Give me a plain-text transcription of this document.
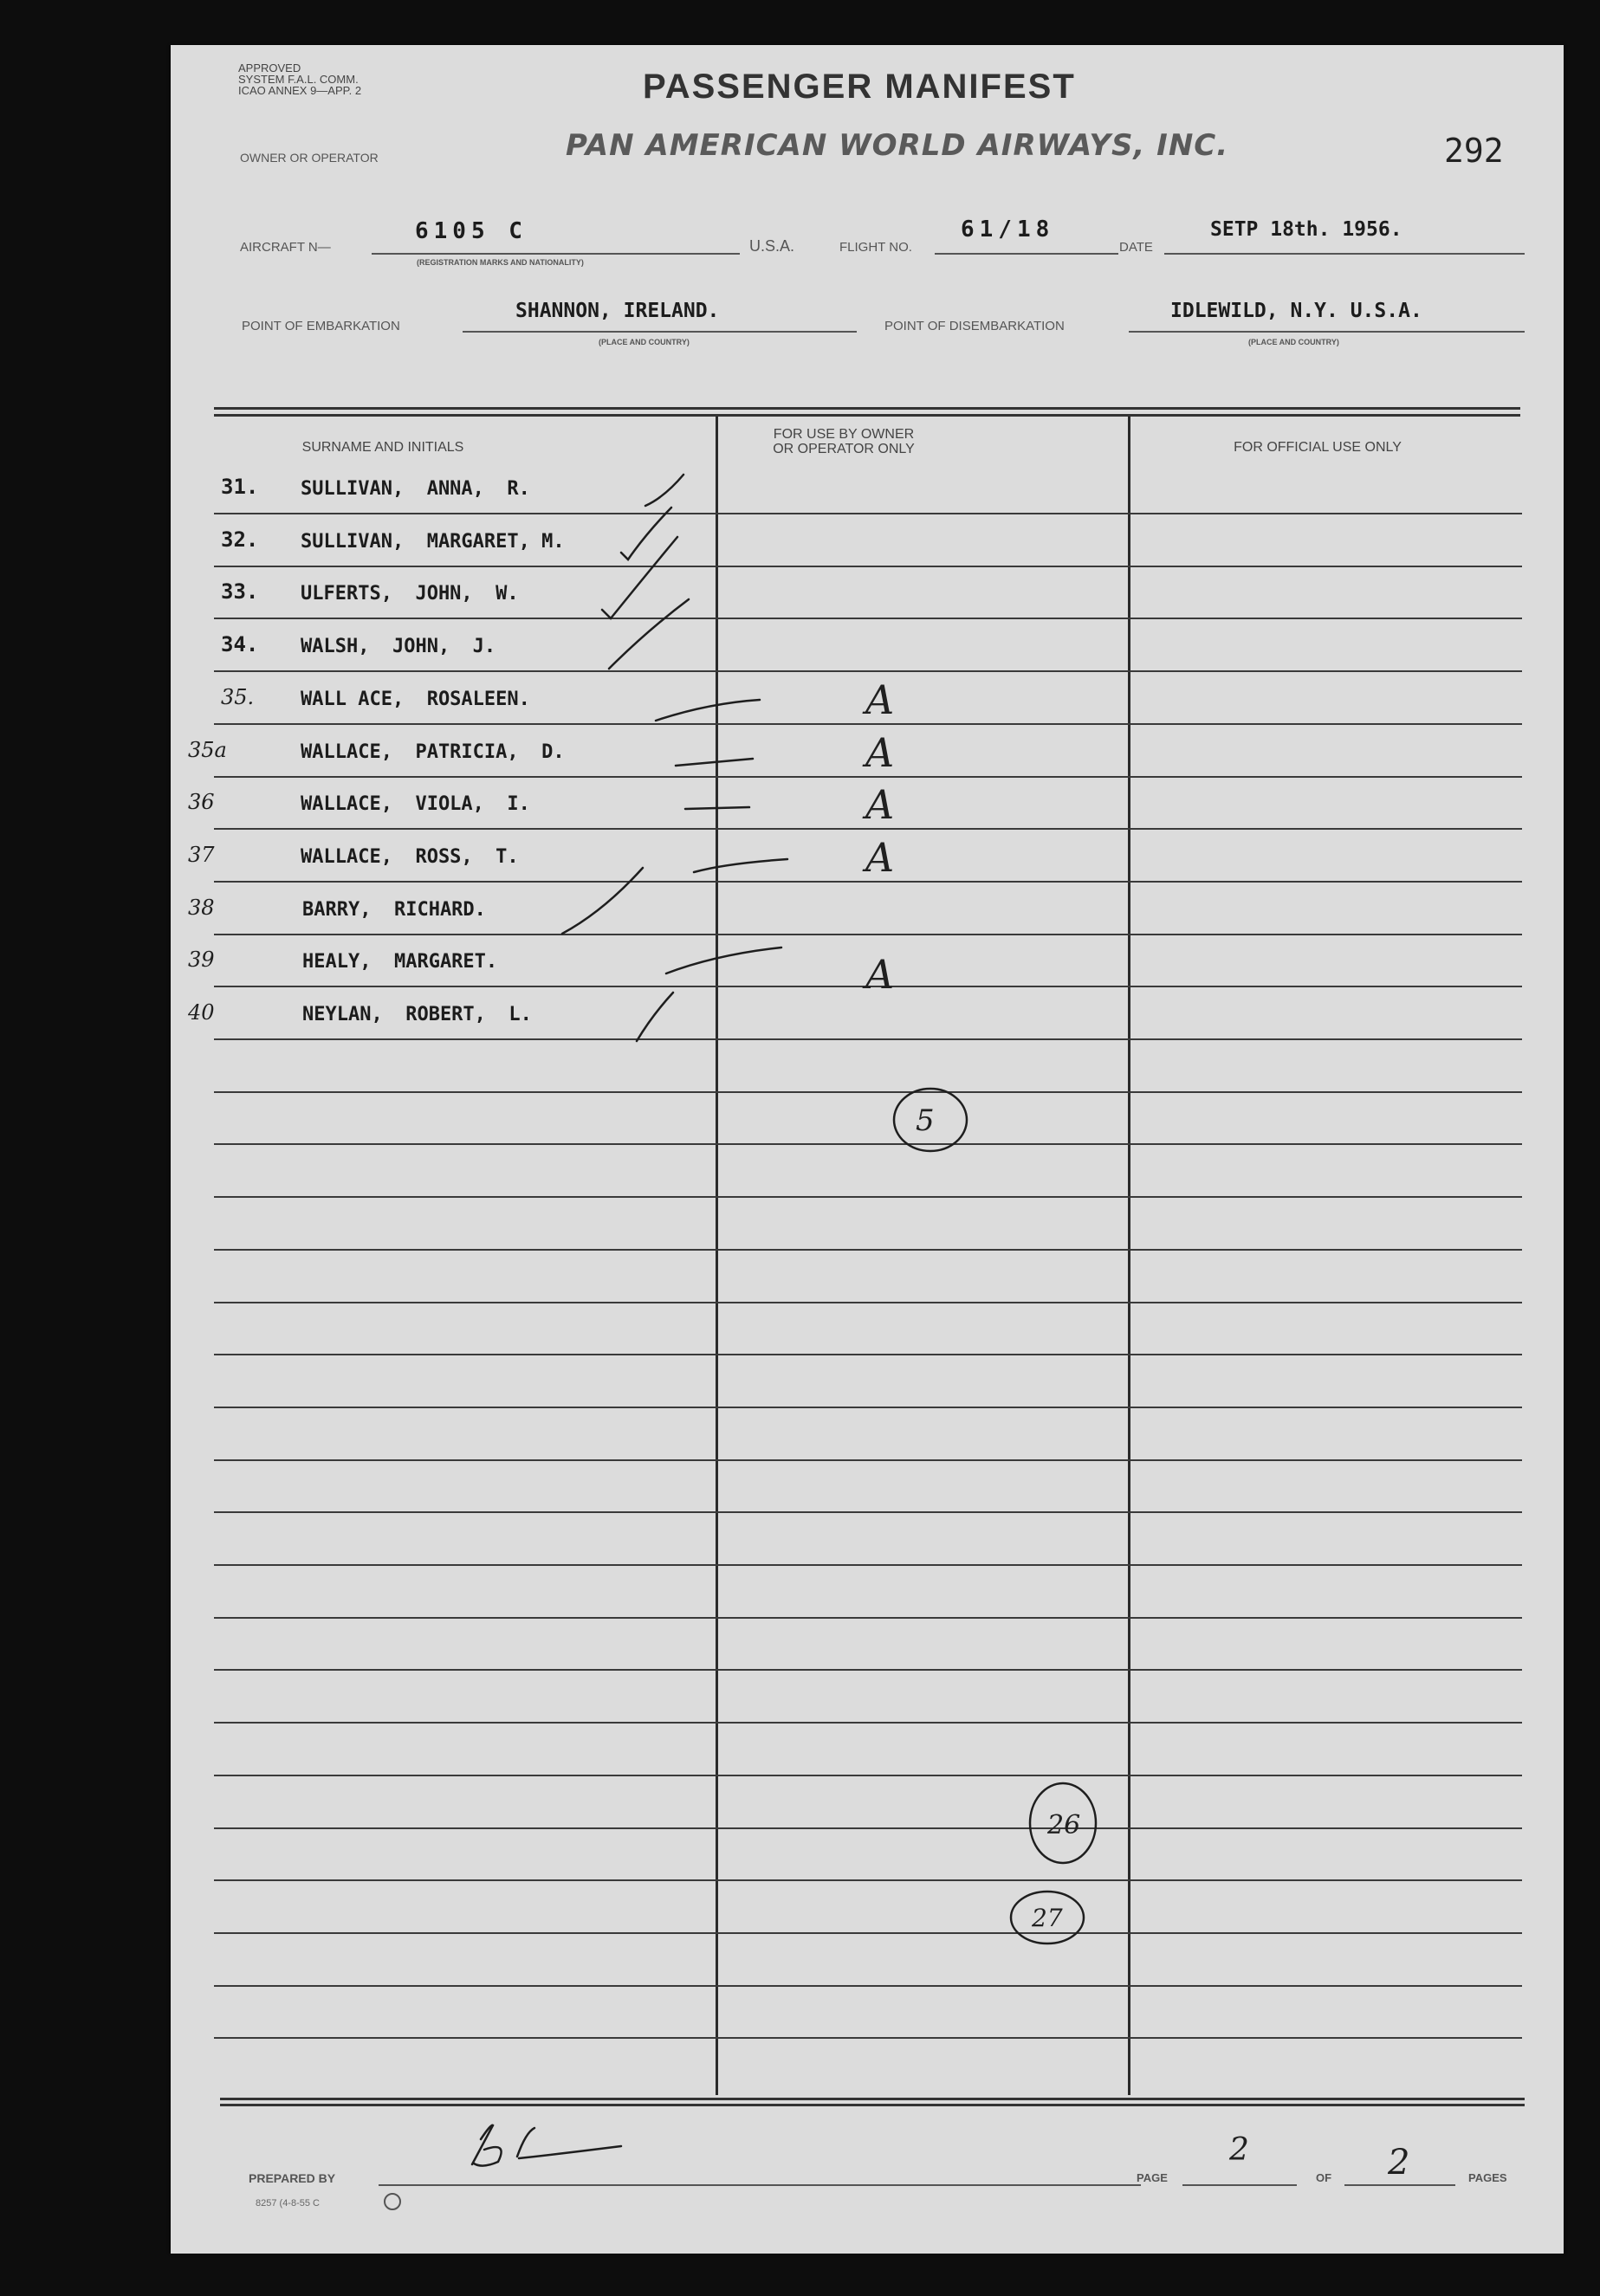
APPROVED
SYSTEM F.A.L. COMM.
ICAO ANNEX 9—APP. 2	PASSENGER MANIFEST
292
OWNER OR OPERATOR	PAN AMERICAN WORLD AIRWAYS, INC.
AIRCRAFT N—
6105 C
(REGISTRATION MARKS AND NATIONALITY)
U.S.A.	FLIGHT NO.
61/18
DATE
SETP 18th. 1956.
POINT OF EMBARKATION
SHANNON, IRELAND.
(PLACE AND COUNTRY)
POINT OF DISEMBARKATION
IDLEWILD, N.Y. U.S.A.
(PLACE AND COUNTRY)
SURNAME AND INITIALS
FOR USE BY OWNER
OR OPERATOR ONLY	FOR OFFICIAL USE ONLY
31. SULLIVAN,  ANNA,  R.
32. SULLIVAN,  MARGARET, M.
33. ULFERTS,  JOHN,  W.
34. WALSH,  JOHN,  J.
35. WALL ACE,  ROSALEEN.	A
35a	WALLACE,  PATRICIA,  D.	A
36	WALLACE,  VIOLA,  I.	A
37	WALLACE,  ROSS,  T.	A
38	BARRY,  RICHARD.
39	HEALY,  MARGARET.	A
40	NEYLAN,  ROBERT,  L.
5
26
27
PREPARED BY	PAGE
2
OF 2	PAGES
8257 (4-8-55 C
